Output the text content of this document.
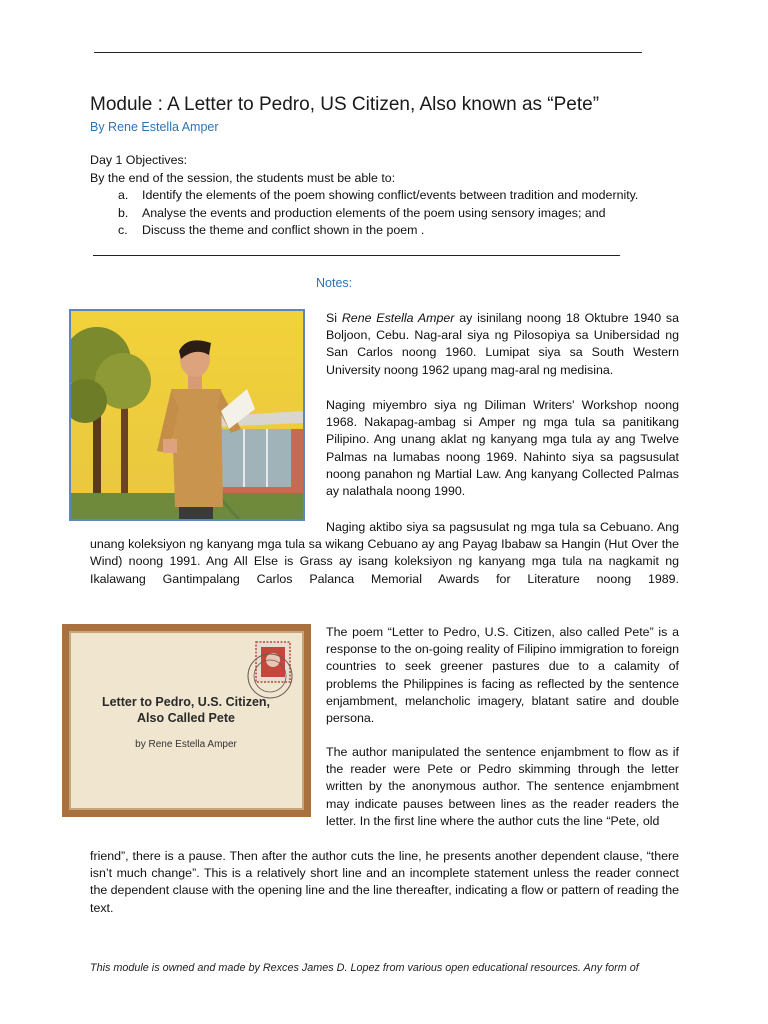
Module : A Letter to Pedro, US Citizen, Also known as “Pete”
By Rene Estella Amper
Day 1 Objectives:
By the end of the session, the students must be able to:
a. Identify the elements of the poem showing conflict/events between tradition and modernity.
b. Analyse the events and production elements of the poem using sensory images; and
c. Discuss the theme and conflict shown in the poem .
Notes:
Si Rene Estella Amper ay isinilang noong 18 Oktubre 1940 sa Boljoon, Cebu. Nag-aral siya ng Pilosopiya sa Unibersidad ng San Carlos noong 1960. Lumipat siya sa South Western University noong 1962 upang mag-aral ng medisina.
Naging miyembro siya ng Diliman Writers' Workshop noong 1968. Nakapag-ambag si Amper ng mga tula sa panitikang Pilipino. Ang unang aklat ng kanyang mga tula ay ang Twelve Palmas na lumabas noong 1969. Nahinto siya sa pagsusulat noong panahon ng Martial Law. Ang kanyang Collected Palmas ay nalathala noong 1990.
Naging aktibo siya sa pagsusulat ng mga tula sa Cebuano. Ang
unang koleksiyon ng kanyang mga tula sa wikang Cebuano ay ang Payag Ibabaw sa Hangin (Hut Over the Wind) noong 1991. Ang All Else is Grass ay isang koleksiyon ng kanyang mga tula na nagkamit ng Ikalawang Gantimpalang Carlos Palanca Memorial Awards for Literature noong 1989.
Letter to Pedro, U.S. Citizen,
Also Called Pete
by Rene Estella Amper
The poem “Letter to Pedro, U.S. Citizen, also called Pete” is a response to the on-going reality of Filipino immigration to foreign countries to seek greener pastures due to a calamity of problems the Philippines is facing as reflected by the sentence enjambment, melancholic imagery, blatant satire and double persona.
The author manipulated the sentence enjambment to flow as if the reader were Pete or Pedro skimming through the letter written by the anonymous author. The sentence enjambment may indicate pauses between lines as the reader readers the letter. In the first line where the author cuts the line “Pete, old
friend”, there is a pause. Then after the author cuts the line, he presents another dependent clause, “there isn’t much change”. This is a relatively short line and an incomplete statement unless the reader connect the dependent clause with the opening line and the line thereafter, indicating a flow or pattern of reading the text.
This module is owned and made by Rexces James D. Lopez from various open educational resources. Any form of
